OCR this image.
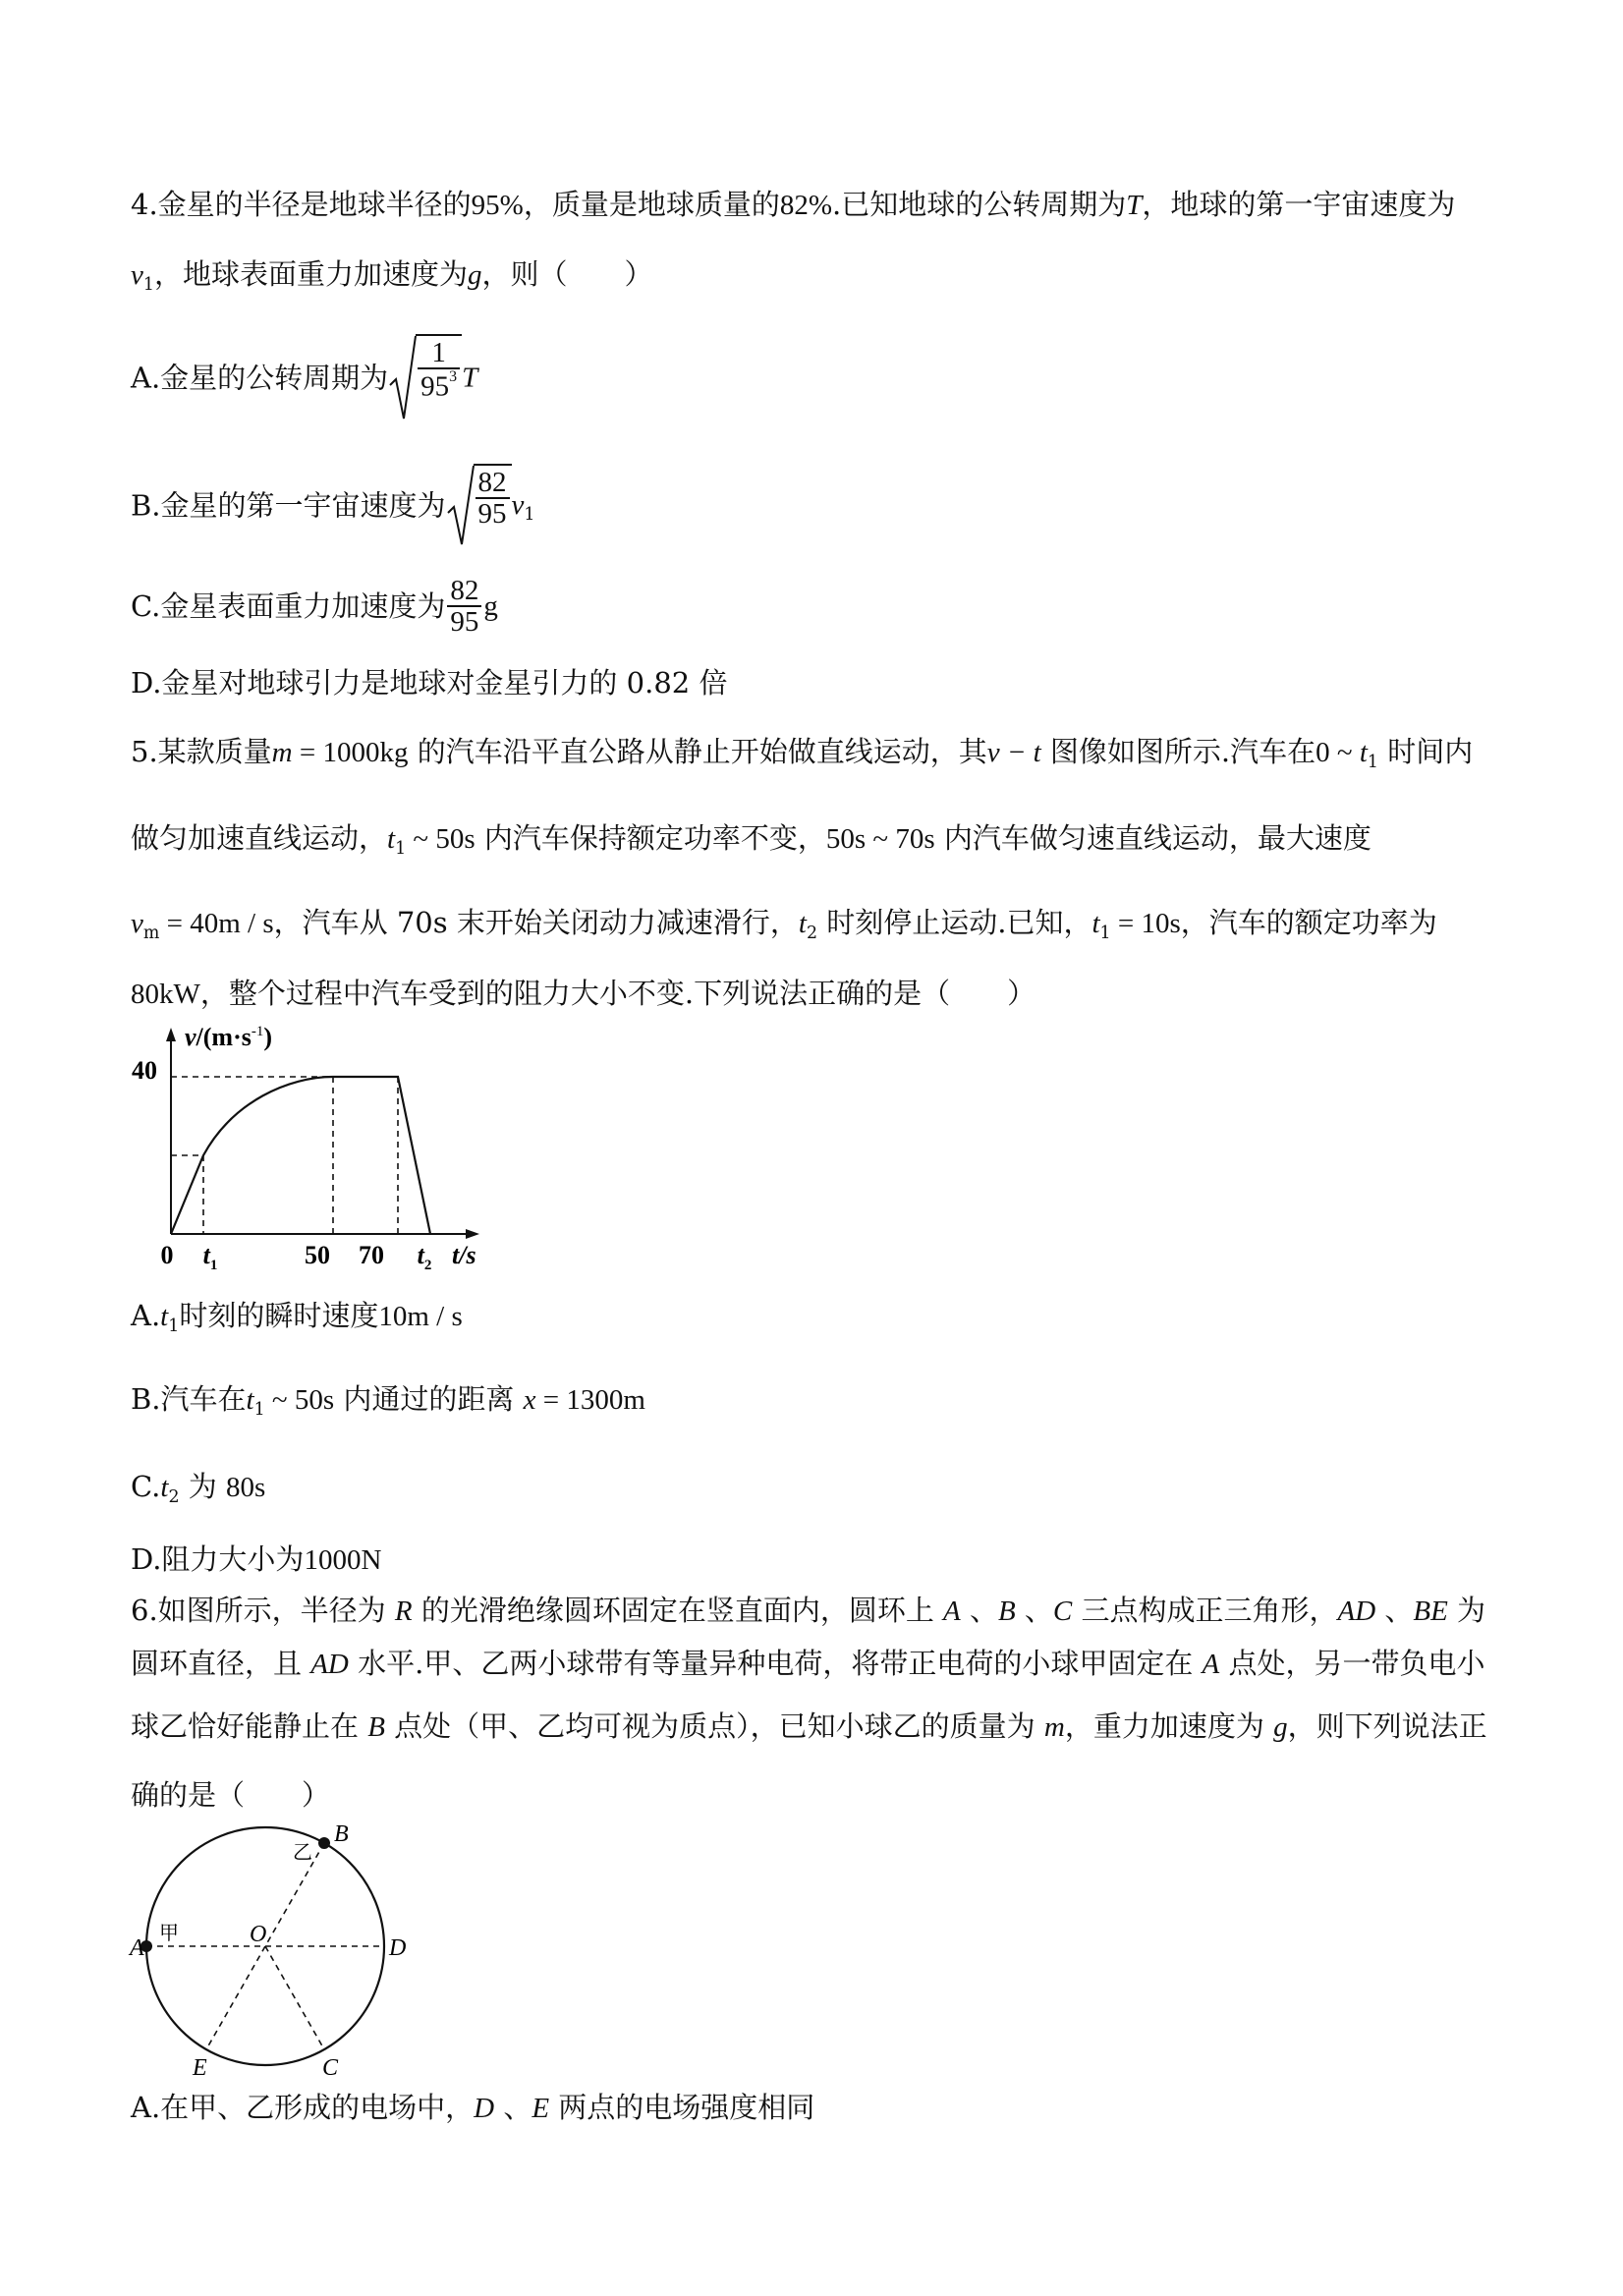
4.金星的半径是地球半径的95%，质量是地球质量的82%.已知地球的公转周期为T，地球的第一宇宙速度为
$v_1$，地球表面重力加速度为g，则（　　）
A.金星的公转周期为 $\frac{1}{95^3}$ T
B.金星的第一宇宙速度为 $\frac{82}{95} v_1$
C.金星表面重力加速度为 $\frac{82}{95}$ g
D.金星对地球引力是地球对金星引力的 0.82 倍
5.某款质量m = 1000kg 的汽车沿平直公路从静止开始做直线运动，其v − t 图像如图所示.汽车在0 ~ $t_1$ 时间内
做匀加速直线运动，$t_1$ ~ 50s 内汽车保持额定功率不变，50s ~ 70s 内汽车做匀速直线运动，最大速度
$v_m = 40m / s$，汽车从 70s 末开始关闭动力减速滑行，$t_2$ 时刻停止运动.已知，$t_1 = 10s$，汽车的额定功率为
80kW，整个过程中汽车受到的阻力大小不变.下列说法正确的是（　　）
$v/(m\cdot s^{-1})$
40
0 $t_1$	50 70 $t_2$ t/s
$A.t_1$时刻的瞬时速度10m / s
B.汽车在$t_1$ ~ 50s 内通过的距离 x = 1300m
$C.t_2$ 为 80s
D.阻力大小为1000N
6.如图所示，半径为 R 的光滑绝缘圆环固定在竖直面内，圆环上 A 、B 、C 三点构成正三角形，AD 、BE 为
圆环直径，且 AD 水平.甲、乙两小球带有等量异种电荷，将带正电荷的小球甲固定在 A 点处，另一带负电小
球乙恰好能静止在 B 点处（甲、乙均可视为质点），已知小球乙的质量为 m，重力加速度为 g，则下列说法正
确的是（　　）
A
甲
B
乙
O
D
E	C
A.在甲、乙形成的电场中，D 、E 两点的电场强度相同
